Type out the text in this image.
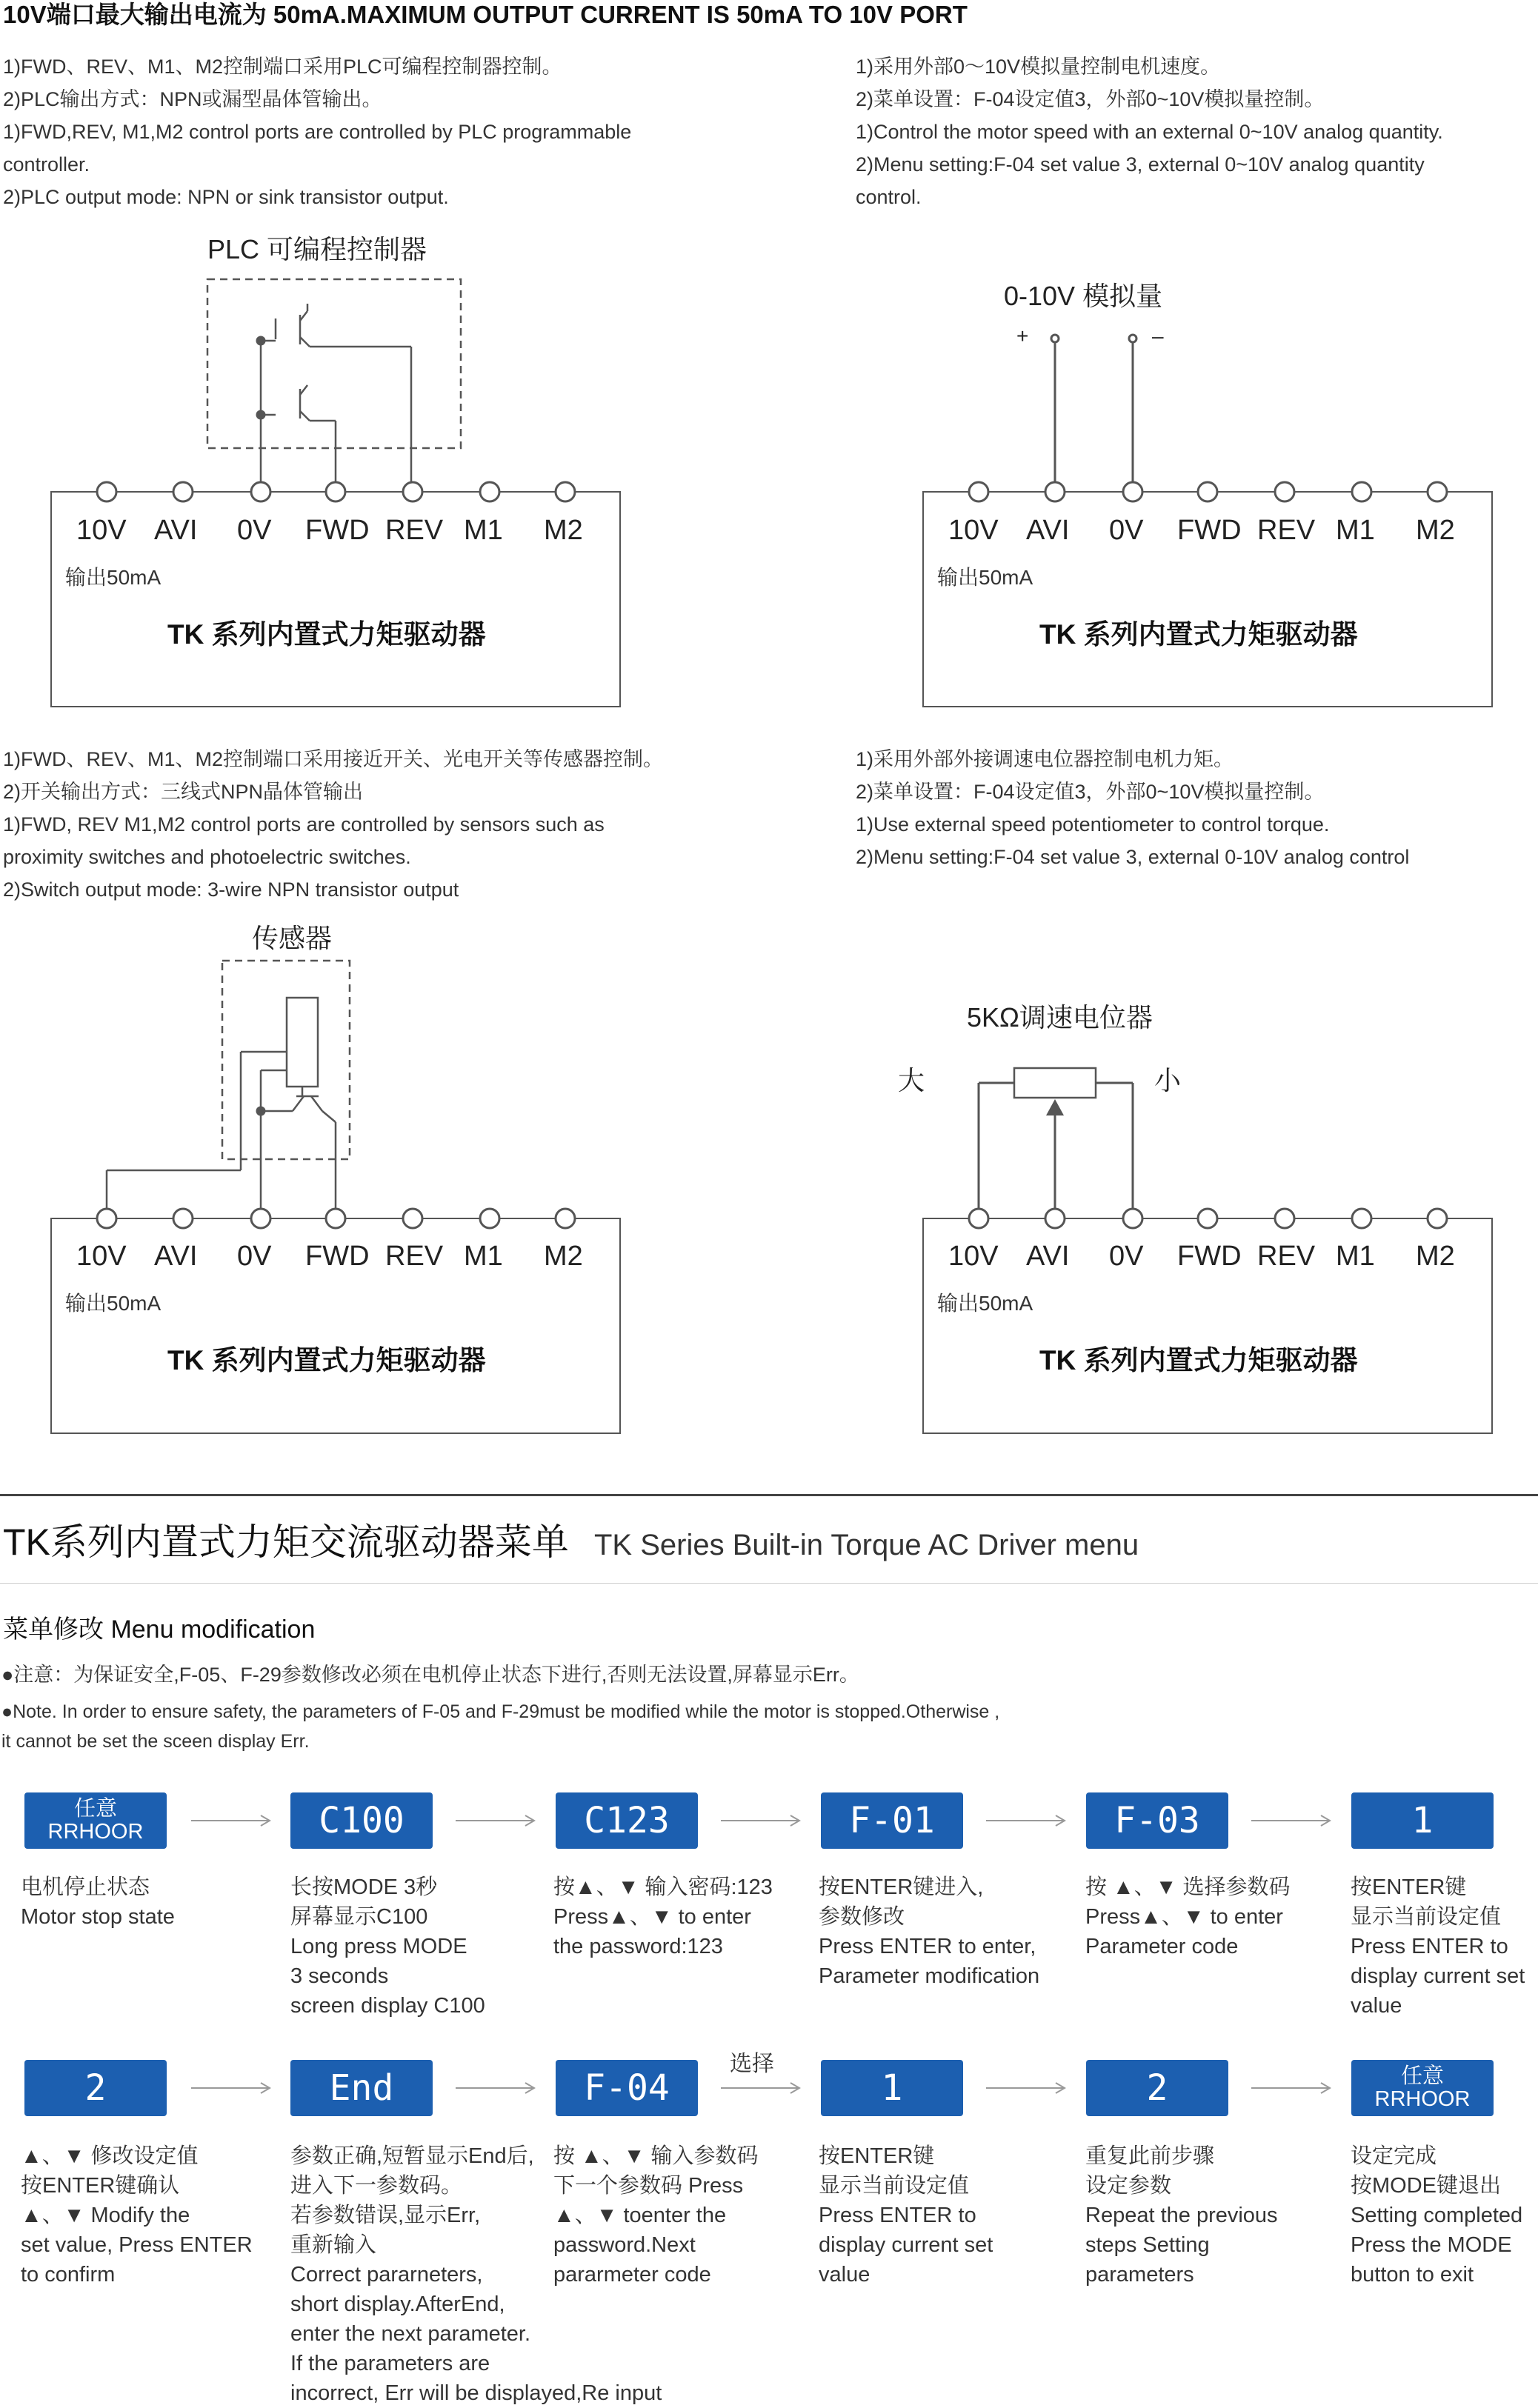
10V端口最大输出电流为 50mA.MAXIMUM OUTPUT CURRENT IS 50mA TO 10V PORT
1)FWD、REV、M1、M2控制端口采用PLC可编程控制器控制。
2)PLC输出方式：NPN或漏型晶体管输出。
1)FWD,REV, M1,M2 control ports are controlled by PLC programmable
controller.
2)PLC output mode: NPN or sink transistor output.
1)采用外部0～10V模拟量控制电机速度。
2)菜单设置：F-04设定值3，外部0~10V模拟量控制。
1)Control the motor speed with an external 0~10V analog quantity.
2)Menu setting:F-04 set value 3, external 0~10V analog quantity
control.
1)FWD、REV、M1、M2控制端口采用接近开关、光电开关等传感器控制。
2)开关输出方式：三线式NPN晶体管输出
1)FWD, REV M1,M2 control ports are controlled by sensors such as
proximity switches and photoelectric switches.
2)Switch output mode: 3-wire NPN transistor output
1)采用外部外接调速电位器控制电机力矩。
2)菜单设置：F-04设定值3，外部0~10V模拟量控制。
1)Use external speed potentiometer to control torque.
2)Menu setting:F-04 set value 3, external 0-10V analog control
PLC 可编程控制器
0-10V 模拟量
+	–
传感器
5KΩ调速电位器
大	小
10V AVI 0V FWD REV M1 M2
输出50mA
TK 系列内置式力矩驱动器
10V AVI 0V FWD REV M1 M2
输出50mA
TK 系列内置式力矩驱动器
10V AVI 0V FWD REV M1 M2
输出50mA
TK 系列内置式力矩驱动器
10V AVI 0V FWD REV M1 M2
输出50mA
TK 系列内置式力矩驱动器
TK系列内置式力矩交流驱动器菜单 TK Series Built-in Torque AC Driver menu
菜单修改 Menu modification
●注意：为保证安全,F-05、F-29参数修改必须在电机停止状态下进行,否则无法设置,屏幕显示Err。
●Note. In order to ensure safety, the parameters of F-05 and F-29must be modified while the motor is stopped.Otherwise ,
it cannot be set the sceen display Err.
任意
RRHOOR	C100	C123	F-01	F-03	1
电机停止状态
Motor stop state
长按MODE 3秒
屏幕显示C100
Long press MODE
3 seconds
screen display C100
按▲、▼ 输入密码:123
Press▲、▼ to enter
the password:123
按ENTER键进入,
参数修改
Press ENTER to enter,
Parameter modification
按 ▲、▼ 选择参数码
Press▲、▼ to enter
Parameter code
按ENTER键
显示当前设定值
Press ENTER to
display current set
value
2	End	F-04	1	2	任意
RRHOOR
选择
▲、▼ 修改设定值
按ENTER键确认
▲、▼ Modify the
set value, Press ENTER
to confirm
参数正确,短暂显示End后,
进入下一参数码。
若参数错误,显示Err,
重新输入
Correct pararneters,
short display.AfterEnd,
enter the next parameter.
If the parameters are
incorrect, Err will be displayed,Re input
按 ▲、▼ 输入参数码
下一个参数码 Press
▲、▼ toenter the
password.Next
pararmeter code
按ENTER键
显示当前设定值
Press ENTER to
display current set
value
重复此前步骤
设定参数
Repeat the previous
steps Setting
parameters
设定完成
按MODE键退出
Setting completed
Press the MODE
button to exit
